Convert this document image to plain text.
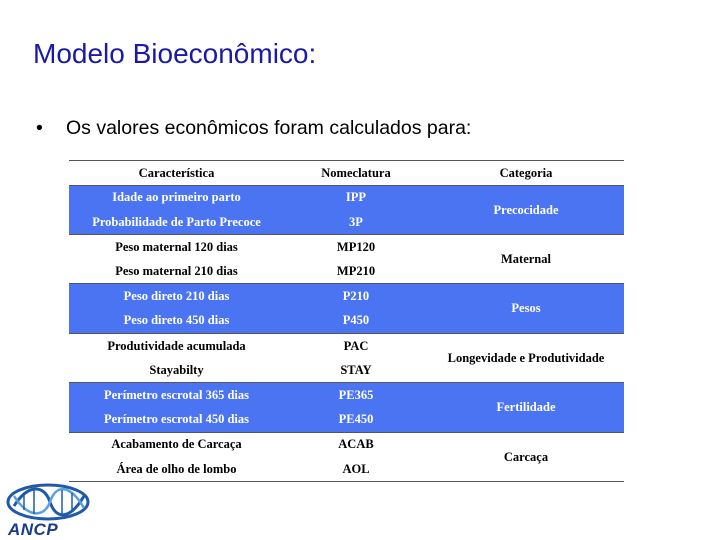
Modelo Bioeconômico:
• Os valores econômicos foram calculados para:
Característica	Nomeclatura	Categoria
Idade ao primeiro parto	IPP	Precocidade
Probabilidade de Parto Precoce	3P	
Peso maternal 120 dias	MP120	Maternal
Peso maternal 210 dias	MP210	
Peso direto 210 dias	P210	Pesos
Peso direto 450 dias	P450	
Produtividade acumulada	PAC	Longevidade e Produtividade
Stayabilty	STAY	
Perímetro escrotal 365 dias	PE365	Fertilidade
Perímetro escrotal 450 dias	PE450	
Acabamento de Carcaça	ACAB	Carcaça
Área de olho de lombo	AOL	
ANCP
